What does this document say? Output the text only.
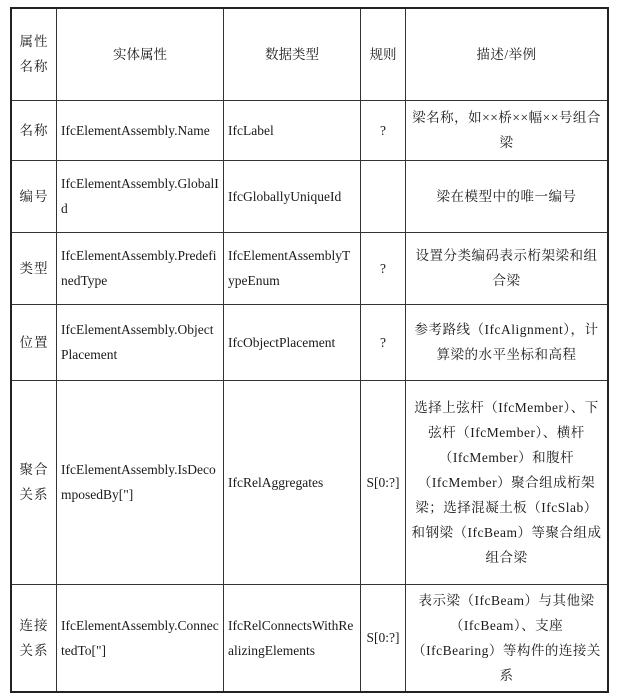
属性名称	实体属性	数据类型	规则	描述/举例
名称	IfcElementAssembly.Name	IfcLabel	?	梁名称，如××桥××幅××号组合梁
编号	IfcElementAssembly.GlobalId	IfcGloballyUniqueId		梁在模型中的唯一编号
类型	IfcElementAssembly.PredefinedType	IfcElementAssemblyTypeEnum	?	设置分类编码表示桁架梁和组合梁
位置	IfcElementAssembly.ObjectPlacement	IfcObjectPlacement	?	参考路线（IfcAlignment），计算梁的水平坐标和高程
聚合关系	IfcElementAssembly.IsDecomposedBy["]	IfcRelAggregates	S[0:?]	选择上弦杆（IfcMember）、下弦杆（IfcMember）、横杆（IfcMember）和腹杆（IfcMember）聚合组成桁架梁；选择混凝土板（IfcSlab）和钢梁（IfcBeam）等聚合组成组合梁
连接关系	IfcElementAssembly.ConnectedTo["]	IfcRelConnectsWithRealizingElements	S[0:?]	表示梁（IfcBeam）与其他梁（IfcBeam）、支座（IfcBearing）等构件的连接关系
